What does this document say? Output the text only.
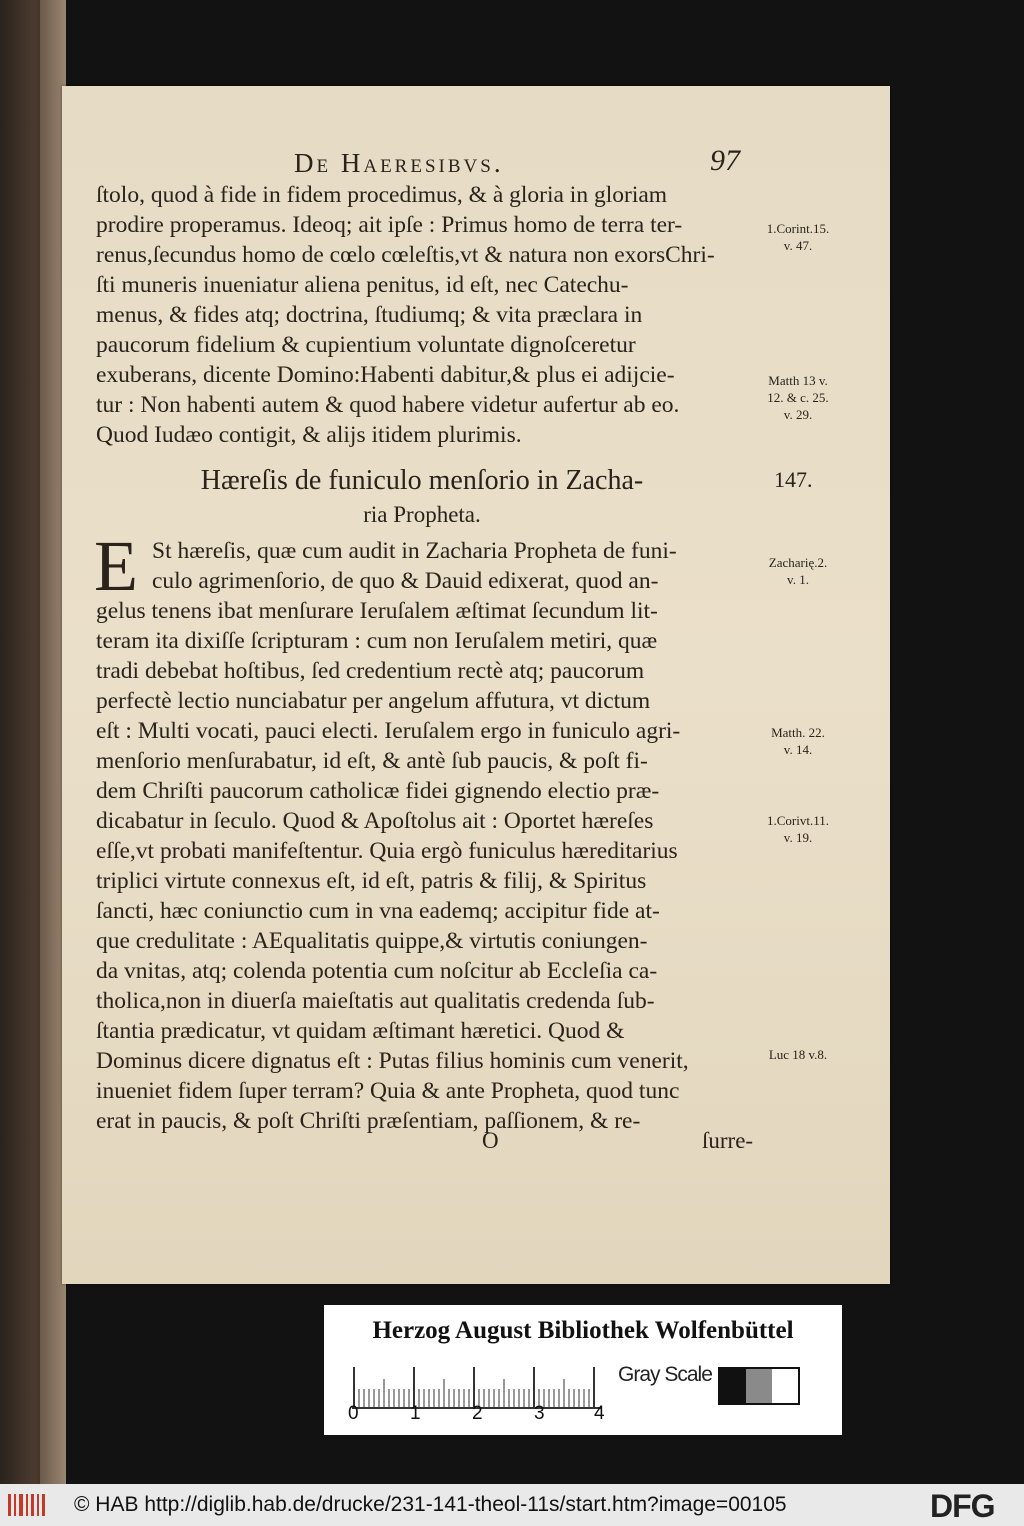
De Haeresibvs.	97
ſtolo, quod à fide in fidem procedimus, & à gloria in gloriam
prodire properamus. Ideoq; ait ipſe : Primus homo de terra ter-
renus,ſecundus homo de cœlo cœleſtis,vt & natura non exorsChri-
ſti muneris inueniatur aliena penitus, id eſt, nec Catechu-
menus, & fides atq; doctrina, ſtudiumq; & vita præclara in
paucorum fidelium & cupientium voluntate dignoſceretur
exuberans, dicente Domino:Habenti dabitur,& plus ei adijcie-
tur : Non habenti autem & quod habere videtur aufertur ab eo.
Quod Iudæo contigit, & alijs itidem plurimis.
Hæreſis de funiculo menſorio in Zacha-
ria Propheta.
147.
E St hæreſis, quæ cum audit in Zacharia Propheta de funi-
culo agrimenſorio, de quo & Dauid edixerat, quod an-
gelus tenens ibat menſurare Ieruſalem æſtimat ſecundum lit-
teram ita dixiſſe ſcripturam : cum non Ieruſalem metiri, quæ
tradi debebat hoſtibus, ſed credentium rectè atq; paucorum
perfectè lectio nunciabatur per angelum affutura, vt dictum
eſt : Multi vocati, pauci electi. Ieruſalem ergo in funiculo agri-
menſorio menſurabatur, id eſt, & antè ſub paucis, & poſt fi-
dem Chriſti paucorum catholicæ fidei gignendo electio præ-
dicabatur in ſeculo. Quod & Apoſtolus ait : Oportet hæreſes
eſſe,vt probati manifeſtentur. Quia ergò funiculus hæreditarius
triplici virtute connexus eſt, id eſt, patris & filij, & Spiritus
ſancti, hæc coniunctio cum in vna eademq; accipitur fide at-
que credulitate : AEqualitatis quippe,& virtutis coniungen-
da vnitas, atq; colenda potentia cum noſcitur ab Eccleſia ca-
tholica,non in diuerſa maieſtatis aut qualitatis credenda ſub-
ſtantia prædicatur, vt quidam æſtimant hæretici. Quod &
Dominus dicere dignatus eſt : Putas filius hominis cum venerit,
inueniet fidem ſuper terram? Quia & ante Propheta, quod tunc
erat in paucis, & poſt Chriſti præſentiam, paſſionem, & re-
1.Corint.15.
v. 47.
Matth 13 v.
12. & c. 25.
v. 29.
Zacharię.2.
v. 1.
Matth. 22.
v. 14.
1.Corivt.11.
v. 19.
Luc 18 v.8.
O	ſurre-
Herzog August Bibliothek Wolfenbüttel
0	1	2	3	4
Gray Scale
© HAB http://diglib.hab.de/drucke/231-141-theol-11s/start.htm?image=00105	DFG
